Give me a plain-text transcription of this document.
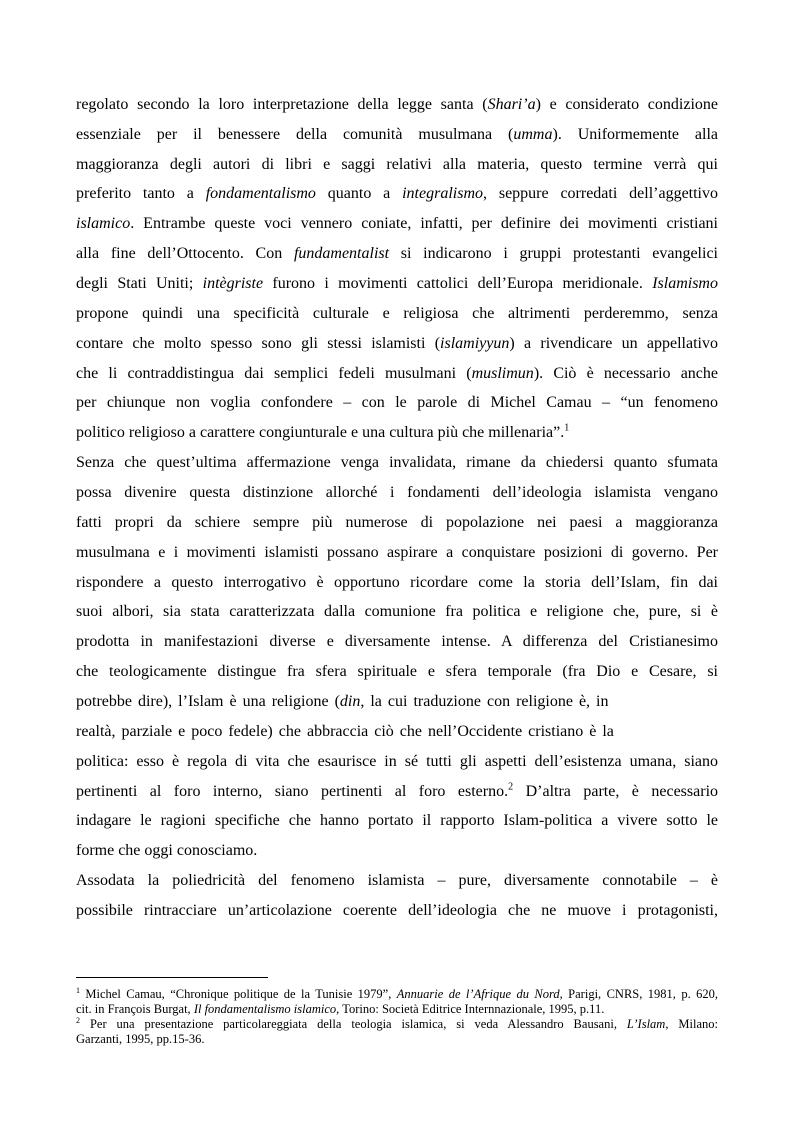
regolato secondo la loro interpretazione della legge santa (Shari’a) e considerato condizione
essenziale per il benessere della comunità musulmana (umma). Uniformemente alla
maggioranza degli autori di libri e saggi relativi alla materia, questo termine verrà qui
preferito tanto a fondamentalismo quanto a integralismo, seppure corredati dell’aggettivo
islamico. Entrambe queste voci vennero coniate, infatti, per definire dei movimenti cristiani
alla fine dell’Ottocento. Con fundamentalist si indicarono i gruppi protestanti evangelici
degli Stati Uniti; intègriste furono i movimenti cattolici dell’Europa meridionale. Islamismo
propone quindi una specificità culturale e religiosa che altrimenti perderemmo, senza
contare che molto spesso sono gli stessi islamisti (islamiyyun) a rivendicare un appellativo
che li contraddistingua dai semplici fedeli musulmani (muslimun). Ciò è necessario anche
per chiunque non voglia confondere – con le parole di Michel Camau – “un fenomeno
politico religioso a carattere congiunturale e una cultura più che millenaria”.$^1$
Senza che quest’ultima affermazione venga invalidata, rimane da chiedersi quanto sfumata
possa divenire questa distinzione allorché i fondamenti dell’ideologia islamista vengano
fatti propri da schiere sempre più numerose di popolazione nei paesi a maggioranza
musulmana e i movimenti islamisti possano aspirare a conquistare posizioni di governo. Per
rispondere a questo interrogativo è opportuno ricordare come la storia dell’Islam, fin dai
suoi albori, sia stata caratterizzata dalla comunione fra politica e religione che, pure, si è
prodotta in manifestazioni diverse e diversamente intense. A differenza del Cristianesimo
che teologicamente distingue fra sfera spirituale e sfera temporale (fra Dio e Cesare, si
potrebbe dire), l’Islam è una religione (din, la cui traduzione con religione è, in
realtà, parziale e poco fedele) che abbraccia ciò che nell’Occidente cristiano è la
politica: esso è regola di vita che esaurisce in sé tutti gli aspetti dell’esistenza umana, siano
pertinenti al foro interno, siano pertinenti al foro esterno.$^2$ D’altra parte, è necessario
indagare le ragioni specifiche che hanno portato il rapporto Islam-politica a vivere sotto le
forme che oggi conosciamo.
Assodata la poliedricità del fenomeno islamista – pure, diversamente connotabile – è
possibile rintracciare un’articolazione coerente dell’ideologia che ne muove i protagonisti,
$^1$ Michel Camau, “Chronique politique de la Tunisie 1979”, Annuarie de l’Afrique du Nord, Parigi, CNRS, 1981, p. 620,
cit. in François Burgat, Il fondamentalismo islamico, Torino: Società Editrice Internnazionale, 1995, p.11.
$^2$ Per una presentazione particolareggiata della teologia islamica, si veda Alessandro Bausani, L’Islam, Milano:
Garzanti, 1995, pp.15-36.
